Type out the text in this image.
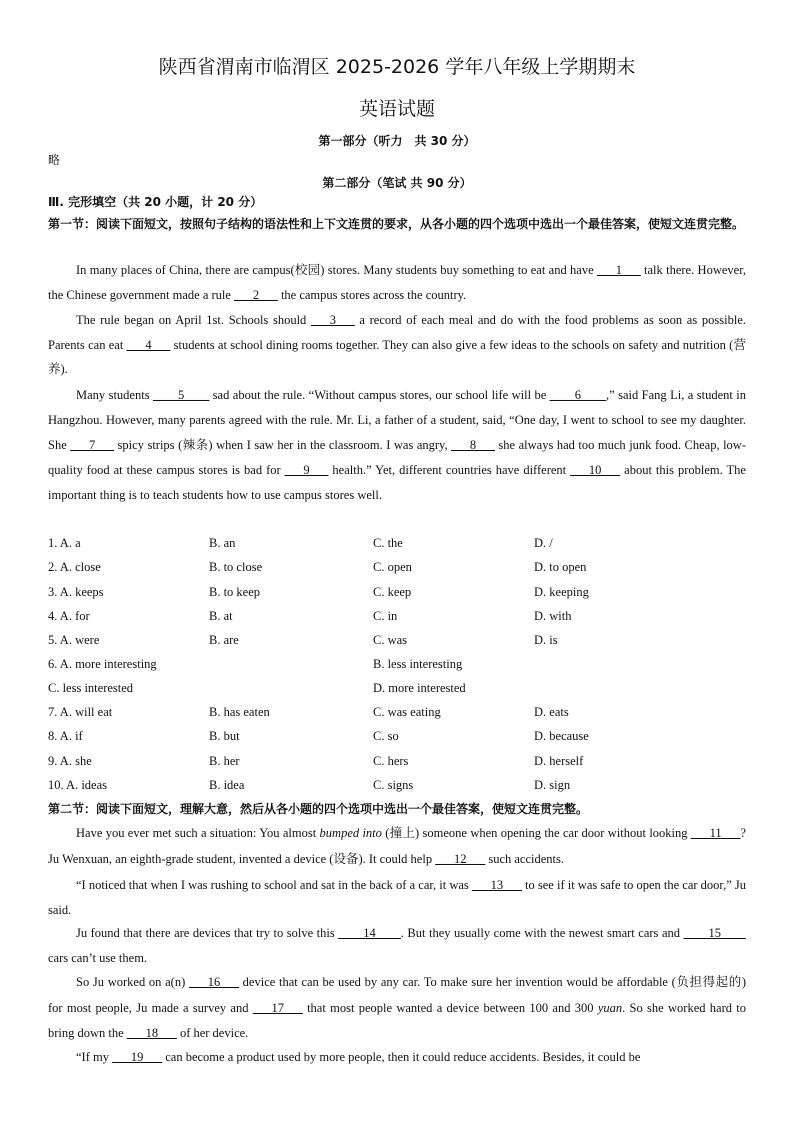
陕西省渭南市临渭区 2025-2026 学年八年级上学期期末
英语试题
第一部分（听力　共 30 分）
略
第二部分（笔试 共 90 分）
Ⅲ. 完形填空（共 20 小题，计 20 分）
第一节：阅读下面短文，按照句子结构的语法性和上下文连贯的要求，从各小题的四个选项中选出一个最佳答案，使短文连贯完整。
In many places of China, there are campus(校园) stores. Many students buy something to eat and have ___1___ talk there. However, the Chinese government made a rule ___2___ the campus stores across the country.
The rule began on April 1st. Schools should ___3___ a record of each meal and do with the food problems as soon as possible. Parents can eat ___4___ students at school dining rooms together. They can also give a few ideas to the schools on safety and nutrition (营养).
Many students ____5____ sad about the rule. “Without campus stores, our school life will be ____6____,” said Fang Li, a student in Hangzhou. However, many parents agreed with the rule. Mr. Li, a father of a student, said, “One day, I went to school to see my daughter. She ___7___ spicy strips (辣条) when I saw her in the classroom. I was angry, ___8___ she always had too much junk food. Cheap, low-quality food at these campus stores is bad for ___9___ health.” Yet, different countries have different ___10___ about this problem. The important thing is to teach students how to use campus stores well.
1. A. a	B. an	C. the	D. /
2. A. close	B. to close	C. open	D. to open
3. A. keeps	B. to keep	C. keep	D. keeping
4. A. for	B. at	C. in	D. with
5. A. were	B. are	C. was	D. is
6. A. more interesting	B. less interesting
C. less interested	D. more interested
7. A. will eat	B. has eaten	C. was eating	D. eats
8. A. if	B. but	C. so	D. because
9. A. she	B. her	C. hers	D. herself
10. A. ideas	B. idea	C. signs	D. sign
第二节：阅读下面短文，理解大意，然后从各小题的四个选项中选出一个最佳答案，使短文连贯完整。
Have you ever met such a situation: You almost bumped into (撞上) someone when opening the car door without looking ___11___? Ju Wenxuan, an eighth-grade student, invented a device (设备). It could help ___12___ such accidents.
“I noticed that when I was rushing to school and sat in the back of a car, it was ___13___ to see if it was safe to open the car door,” Ju said.
Ju found that there are devices that try to solve this ____14____. But they usually come with the newest smart cars and ____15____ cars can’t use them.
So Ju worked on a(n) ___16___ device that can be used by any car. To make sure her invention would be affordable (负担得起的) for most people, Ju made a survey and ___17___ that most people wanted a device between 100 and 300 yuan. So she worked hard to bring down the ___18___ of her device.
“If my ___19___ can become a product used by more people, then it could reduce accidents. Besides, it could be
